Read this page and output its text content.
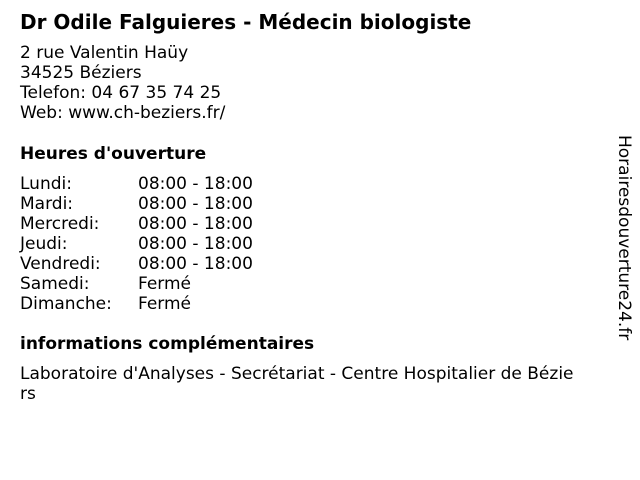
Dr Odile Falguieres - Médecin biologiste
2 rue Valentin Haüy
34525 Béziers
Telefon: 04 67 35 74 25
Web: www.ch-beziers.fr/
Heures d'ouverture
Lundi:	08:00 - 18:00
Mardi:	08:00 - 18:00
Mercredi:	08:00 - 18:00
Jeudi:	08:00 - 18:00
Vendredi:	08:00 - 18:00
Samedi:	Fermé
Dimanche:	Fermé
informations complémentaires
Laboratoire d'Analyses - Secrétariat - Centre Hospitalier de Béziers
Horairesdouverture24.fr
